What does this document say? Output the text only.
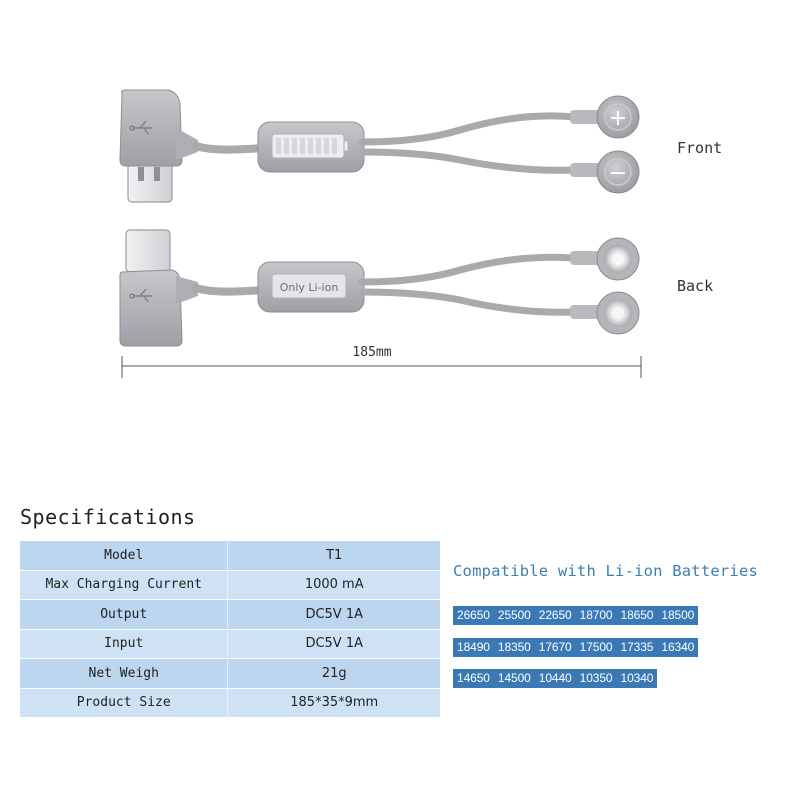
+
−
Only Li-ion
185mm
Front
Back
Specifications
Model	T1
Max Charging Current	1000 mA
Output	DC5V 1A
Input	DC5V 1A
Net Weigh	21g
Product Size	185*35*9mm
Compatible with Li-ion Batteries
26650 25500 22650 18700 18650 18500
18490 18350 17670 17500 17335 16340
14650 14500 10440 10350 10340
